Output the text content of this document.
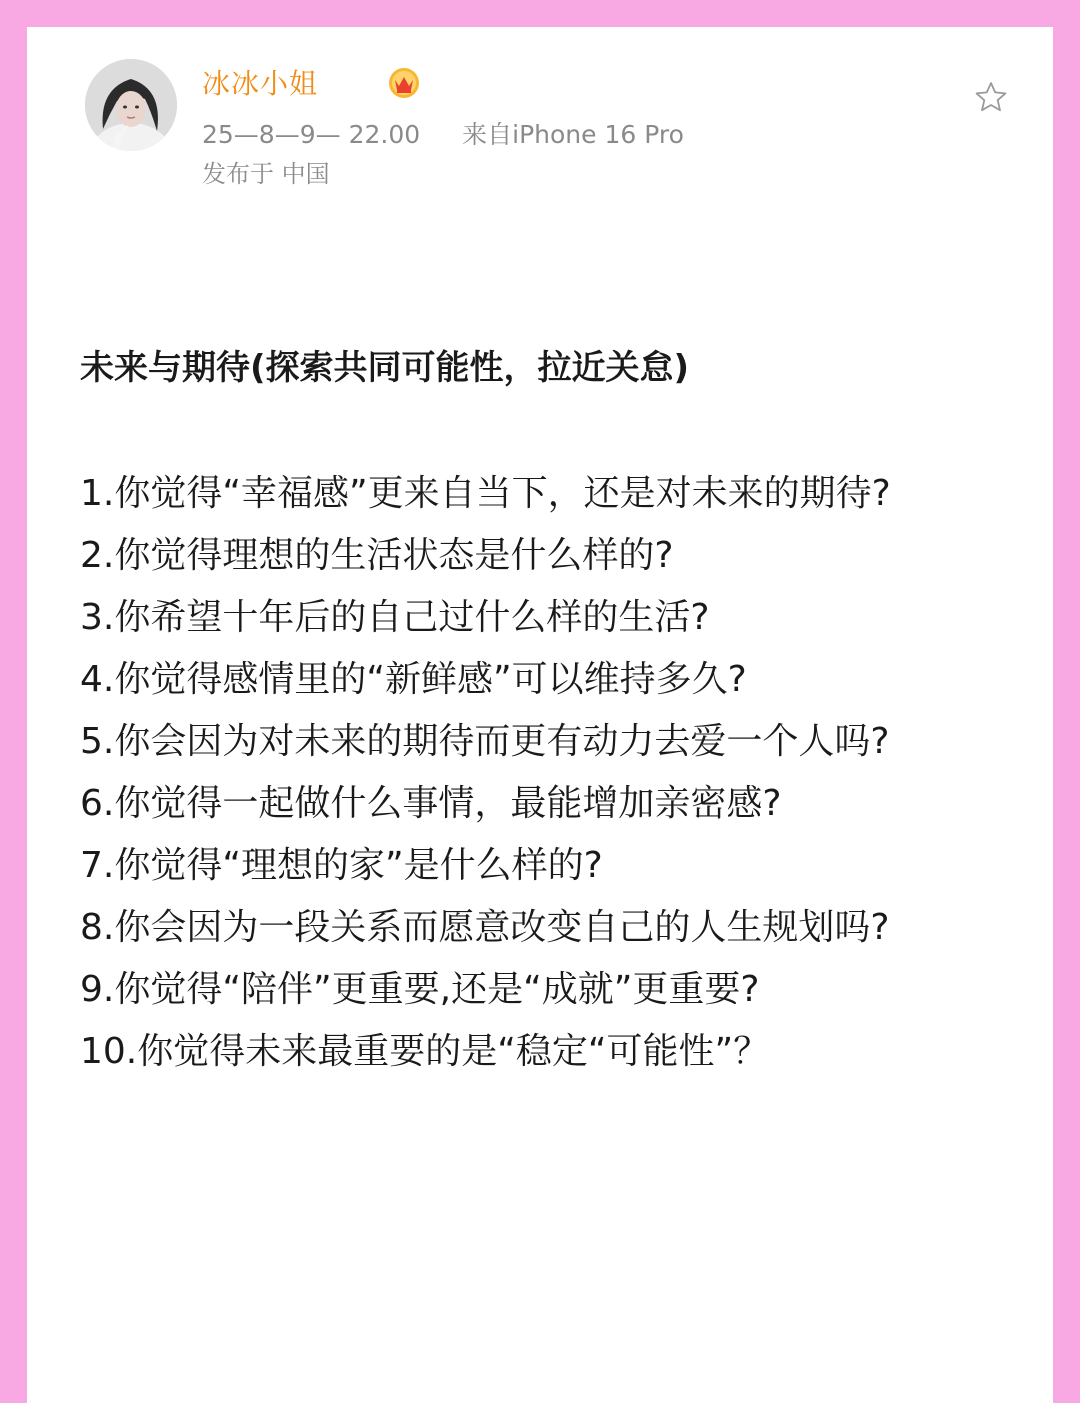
冰冰小姐
25—8—9— 22.00 来自iPhone 16 Pro
发布于 中国
未来与期待(探索共同可能性，拉近关怠)
1.你觉得“幸福感”更来自当下，还是对未来的期待?
2.你觉得理想的生活状态是什么样的?
3.你希望十年后的自己过什么样的生活?
4.你觉得感情里的“新鲜感”可以维持多久?
5.你会因为对未来的期待而更有动力去爱一个人吗?
6.你觉得一起做什么事情，最能增加亲密感?
7.你觉得“理想的家”是什么样的?
8.你会因为一段关系而愿意改变自己的人生规划吗?
9.你觉得“陪伴”更重要,还是“成就”更重要?
10.你觉得未来最重要的是“稳定“可能性”？
